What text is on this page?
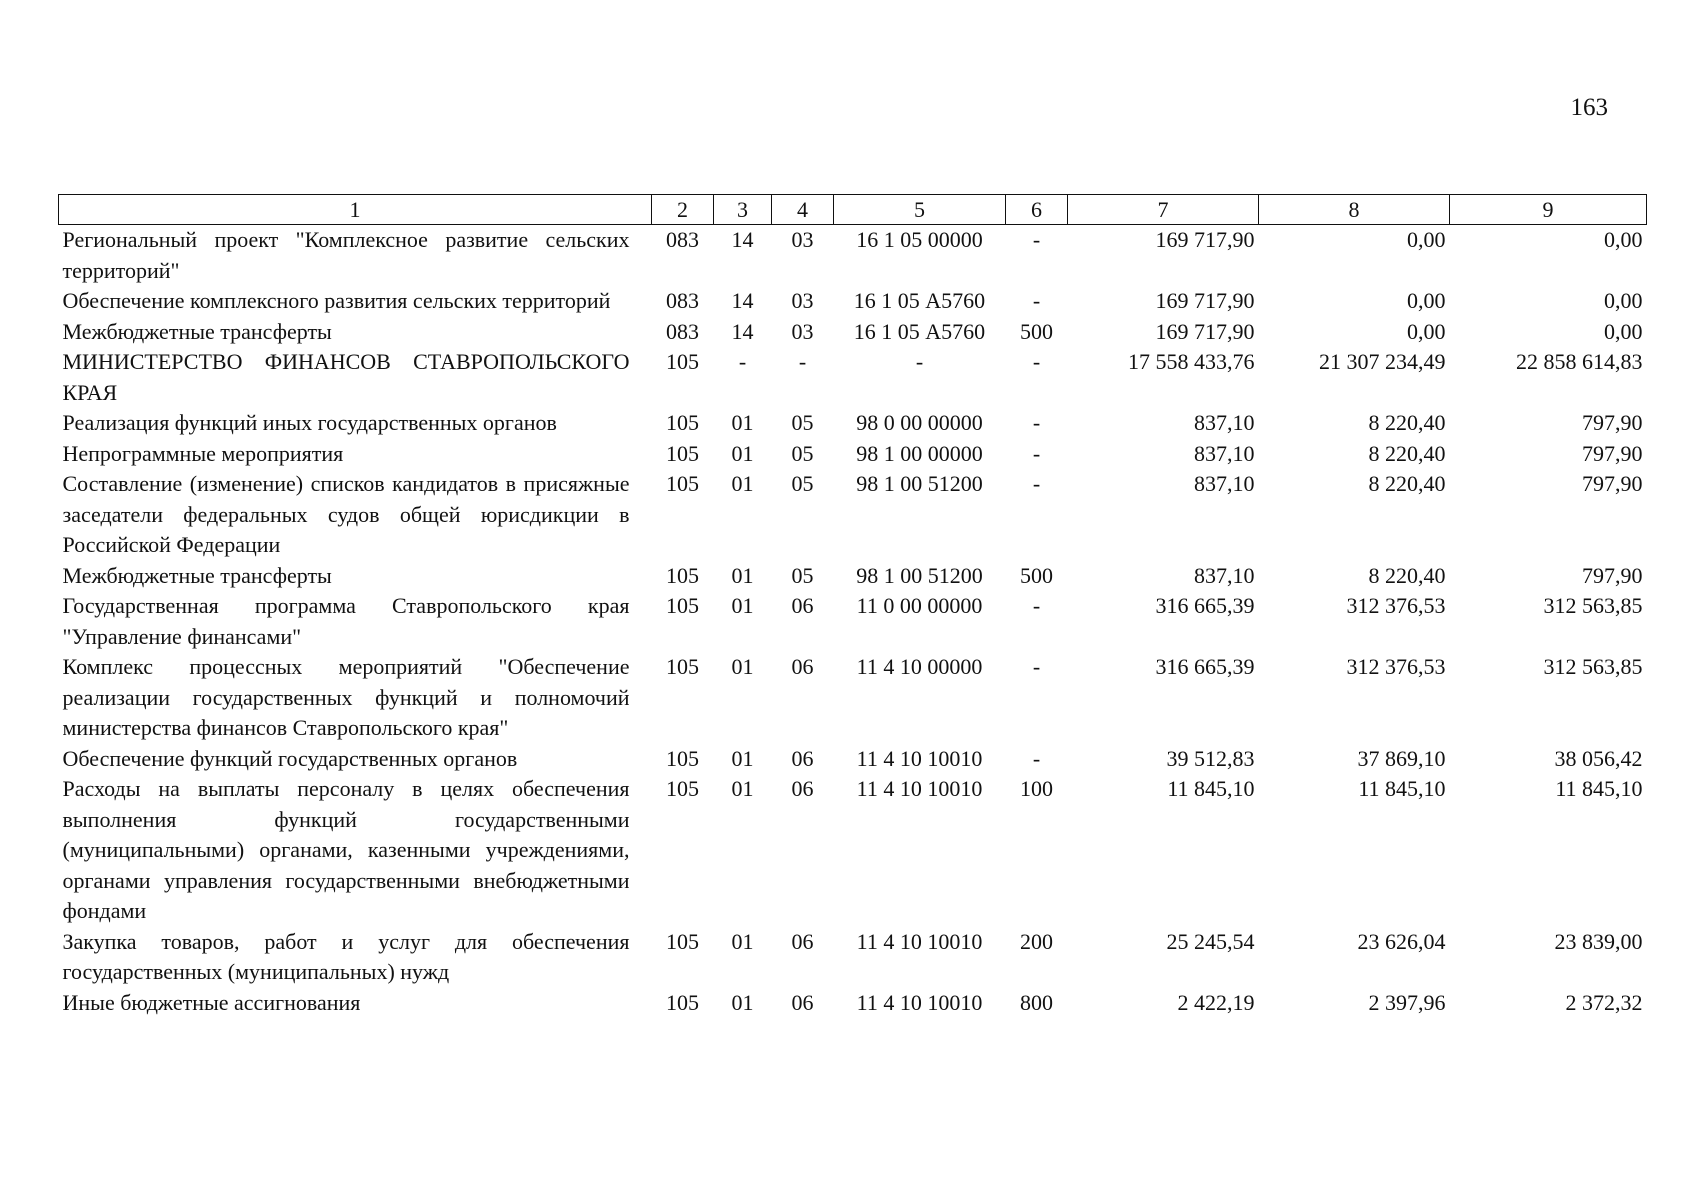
163
1	2	3	4	5	6	7	8	9
Региональный проект "Комплексное развитие сельских территорий"	083	14	03	16 1 05 00000	-	169 717,90	0,00	0,00
Обеспечение комплексного развития сельских территорий	083	14	03	16 1 05 А5760	-	169 717,90	0,00	0,00
Межбюджетные трансферты	083	14	03	16 1 05 А5760	500	169 717,90	0,00	0,00
МИНИСТЕРСТВО ФИНАНСОВ СТАВРОПОЛЬСКОГО КРАЯ	105	-	-	-	-	17 558 433,76	21 307 234,49	22 858 614,83
Реализация функций иных государственных органов	105	01	05	98 0 00 00000	-	837,10	8 220,40	797,90
Непрограммные мероприятия	105	01	05	98 1 00 00000	-	837,10	8 220,40	797,90
Составление (изменение) списков кандидатов в присяжные заседатели федеральных судов общей юрисдикции в Российской Федерации	105	01	05	98 1 00 51200	-	837,10	8 220,40	797,90
Межбюджетные трансферты	105	01	05	98 1 00 51200	500	837,10	8 220,40	797,90
Государственная программа Ставропольского края "Управление финансами"	105	01	06	11 0 00 00000	-	316 665,39	312 376,53	312 563,85
Комплекс процессных мероприятий "Обеспечение реализации государственных функций и полномочий министерства финансов Ставропольского края"	105	01	06	11 4 10 00000	-	316 665,39	312 376,53	312 563,85
Обеспечение функций государственных органов	105	01	06	11 4 10 10010	-	39 512,83	37 869,10	38 056,42
Расходы на выплаты персоналу в целях обеспечения выполнения функций государственными (муниципальными) органами, казенными учреждениями, органами управления государственными внебюджетными фондами	105	01	06	11 4 10 10010	100	11 845,10	11 845,10	11 845,10
Закупка товаров, работ и услуг для обеспечения государственных (муниципальных) нужд	105	01	06	11 4 10 10010	200	25 245,54	23 626,04	23 839,00
Иные бюджетные ассигнования	105	01	06	11 4 10 10010	800	2 422,19	2 397,96	2 372,32
